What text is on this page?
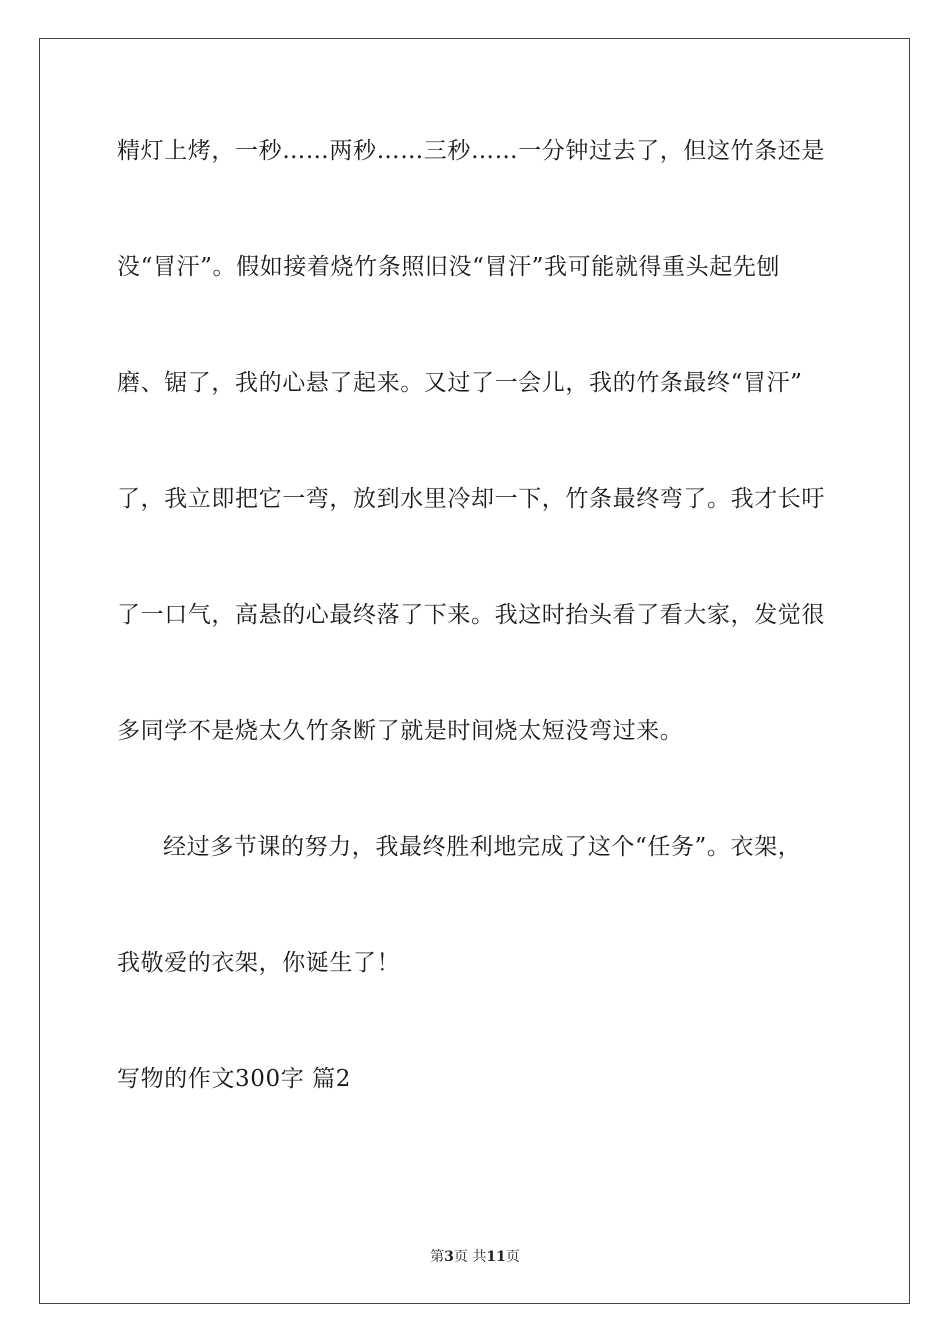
精灯上烤，一秒……两秒……三秒……一分钟过去了，但这竹条还是
没“冒汗”。假如接着烧竹条照旧没“冒汗”我可能就得重头起先刨
磨、锯了，我的心悬了起来。又过了一会儿，我的竹条最终“冒汗”
了，我立即把它一弯，放到水里冷却一下，竹条最终弯了。我才长吁
了一口气，高悬的心最终落了下来。我这时抬头看了看大家，发觉很
多同学不是烧太久竹条断了就是时间烧太短没弯过来。
经过多节课的努力，我最终胜利地完成了这个“任务”。衣架，
我敬爱的衣架，你诞生了！
写物的作文300字 篇2
第3页 共11页
